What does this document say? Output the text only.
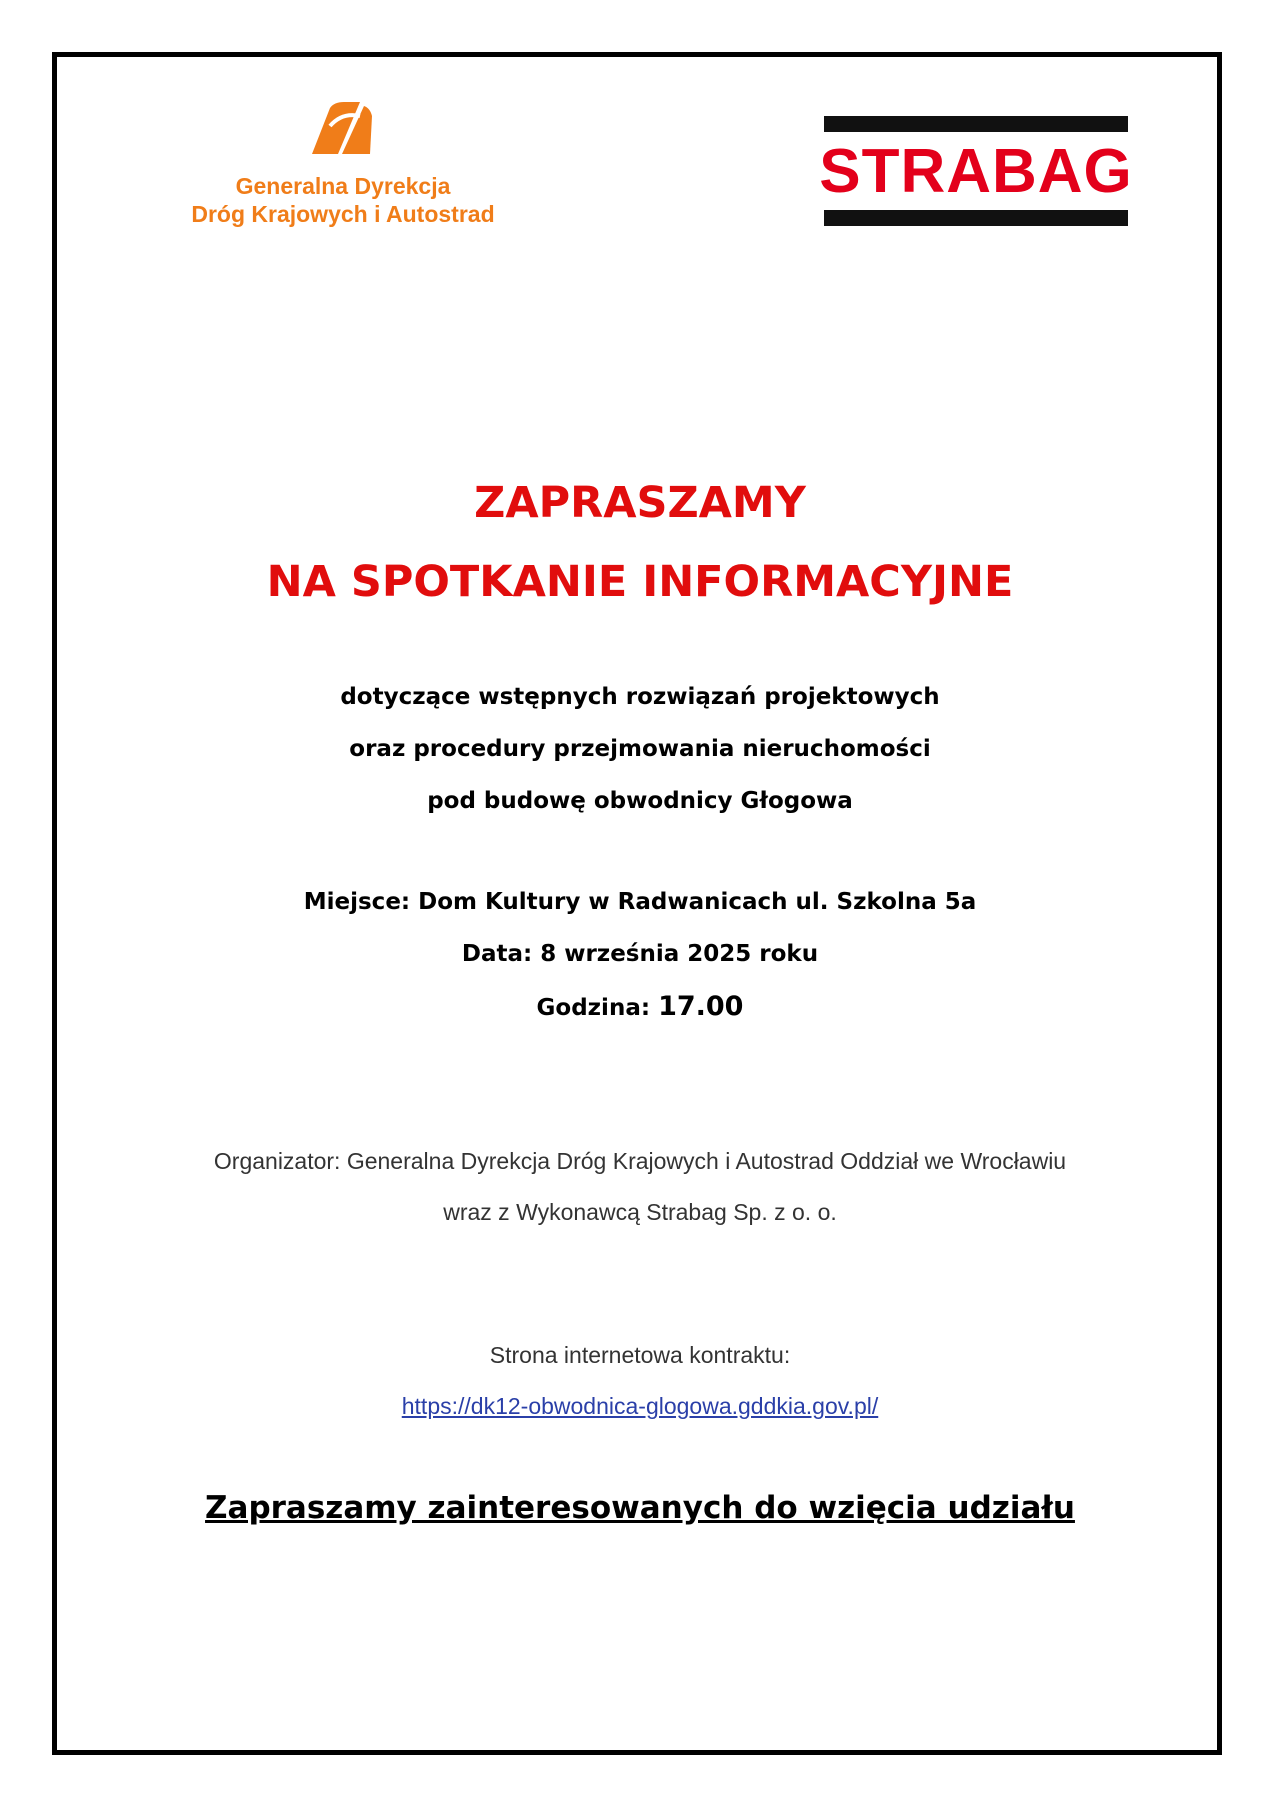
Generalna Dyrekcja
Dróg Krajowych i Autostrad
STRABAG
ZAPRASZAMY
NA SPOTKANIE INFORMACYJNE
dotyczące wstępnych rozwiązań projektowych
oraz procedury przejmowania nieruchomości
pod budowę obwodnicy Głogowa
Miejsce: Dom Kultury w Radwanicach ul. Szkolna 5a
Data: 8 września 2025 roku
Godzina: 17.00
Organizator: Generalna Dyrekcja Dróg Krajowych i Autostrad Oddział we Wrocławiu
wraz z Wykonawcą Strabag Sp. z o. o.
Strona internetowa kontraktu:
https://dk12-obwodnica-glogowa.gddkia.gov.pl/
Zapraszamy zainteresowanych do wzięcia udziału
